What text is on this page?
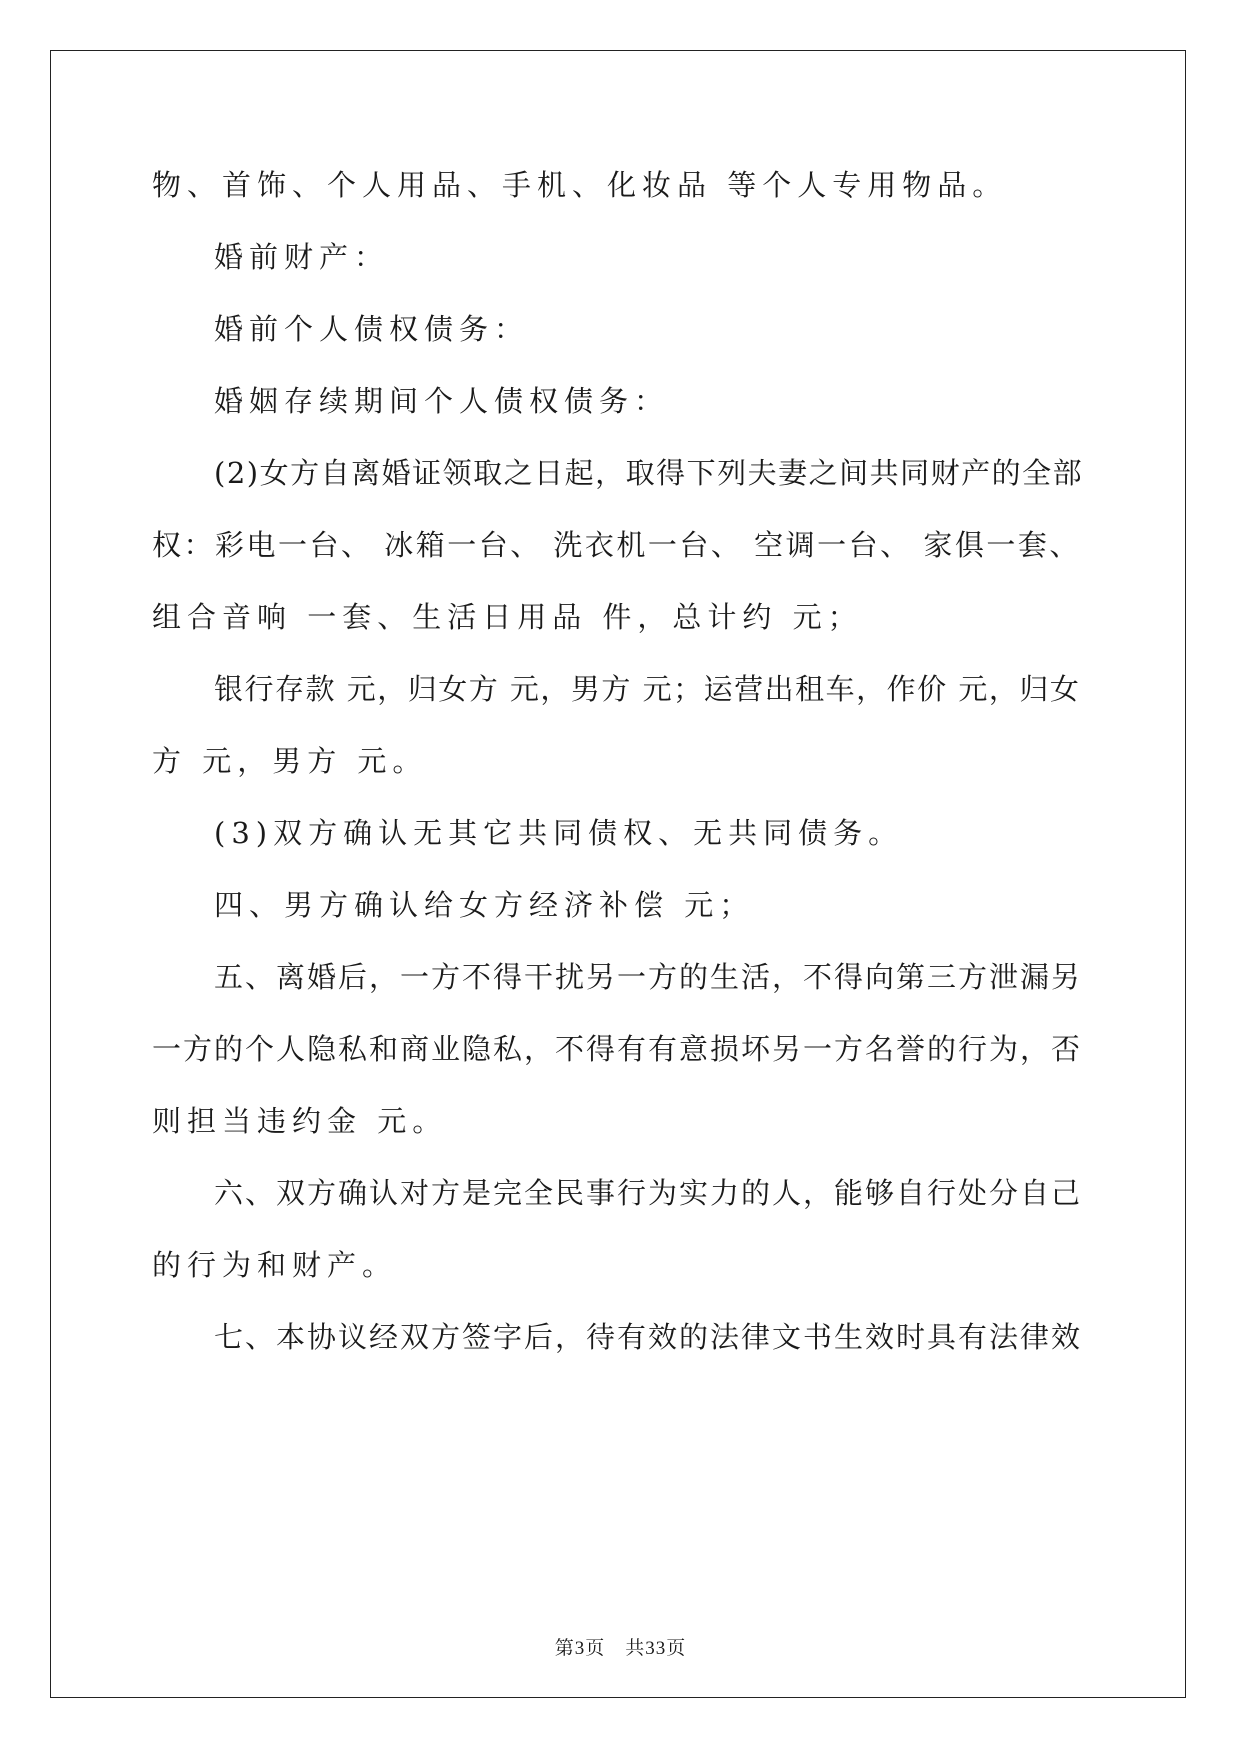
物、首饰、个人用品、手机、化妆品 等个人专用物品。
婚前财产：
婚前个人债权债务：
婚姻存续期间个人债权债务：
(2)女方自离婚证领取之日起，取得下列夫妻之间共同财产的全部
权：彩电一台、 冰箱一台、 洗衣机一台、 空调一台、 家俱一套、
组合音响 一套、生活日用品 件，总计约 元；
银行存款 元，归女方 元，男方 元；运营出租车，作价 元，归女
方 元，男方 元。
(3)双方确认无其它共同债权、无共同债务。
四、男方确认给女方经济补偿 元；
五、离婚后，一方不得干扰另一方的生活，不得向第三方泄漏另
一方的个人隐私和商业隐私，不得有有意损坏另一方名誉的行为，否
则担当违约金 元。
六、双方确认对方是完全民事行为实力的人，能够自行处分自己
的行为和财产。
七、本协议经双方签字后，待有效的法律文书生效时具有法律效
第3页　共33页
